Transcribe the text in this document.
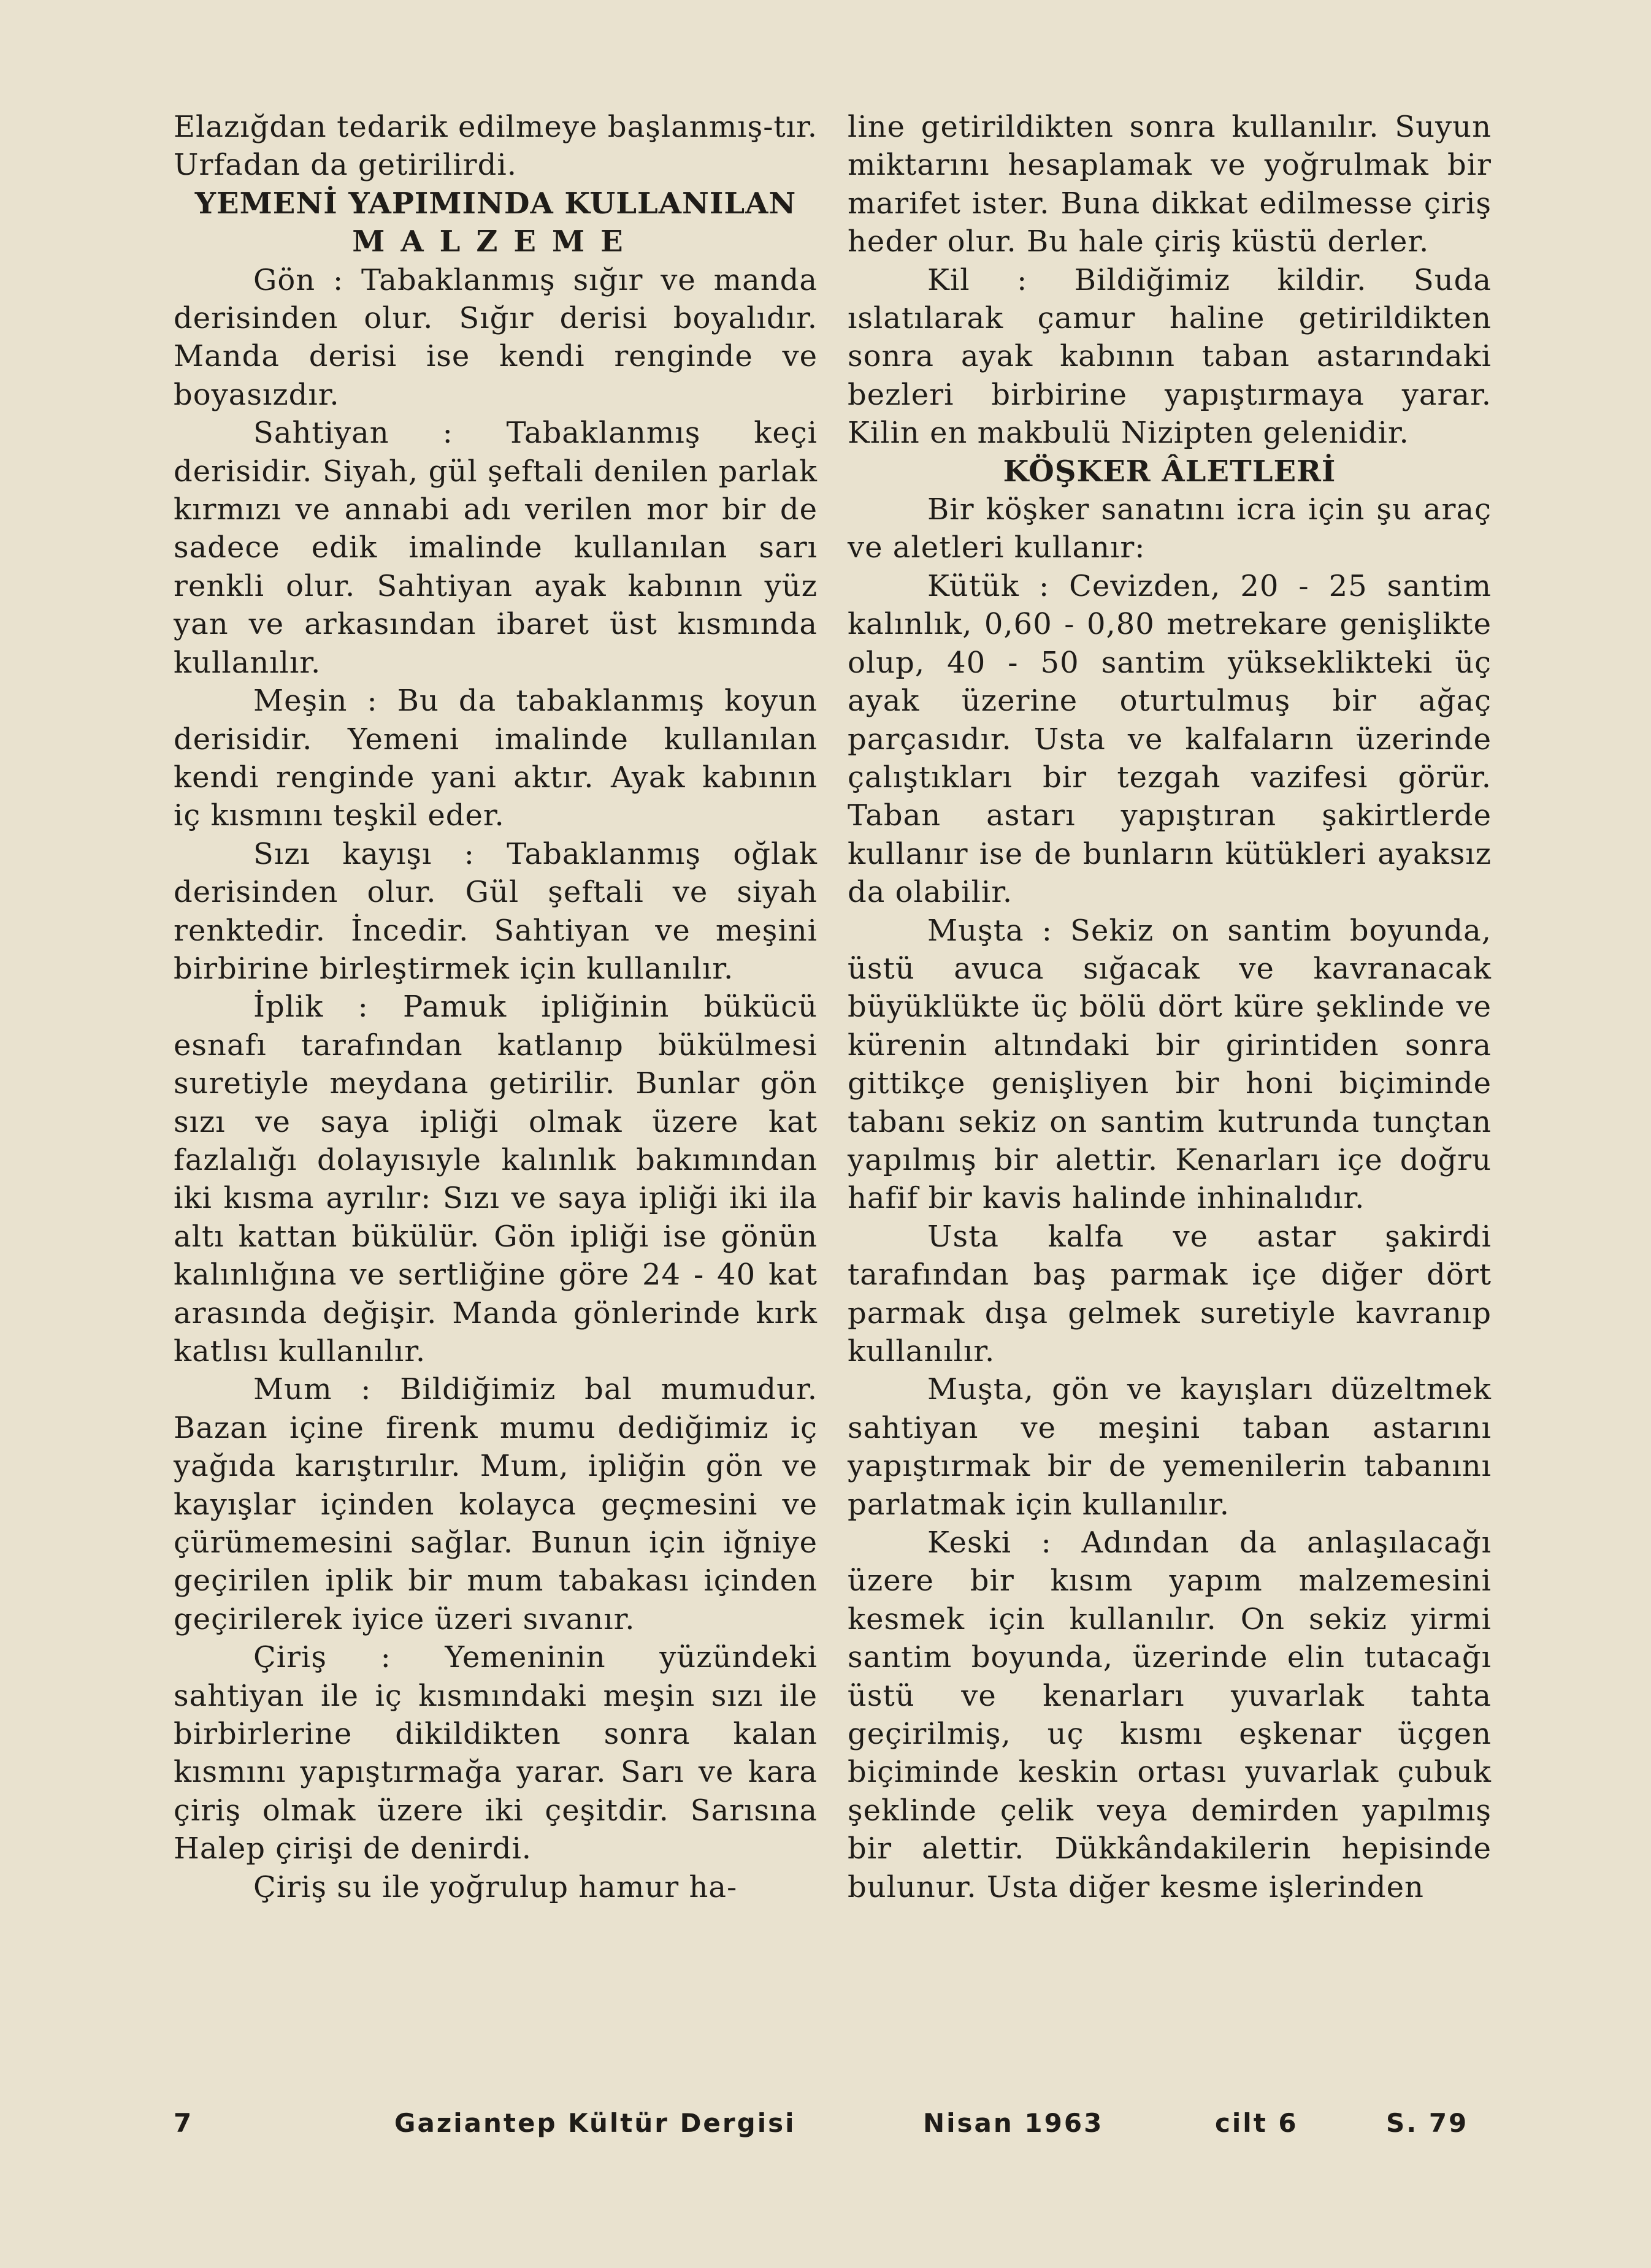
Elazığdan tedarik edilmeye başlanmış-tır. Urfadan da getirilirdi.

YEMENİ YAPIMINDA KULLANILAN
MALZEME

Gön : Tabaklanmış sığır ve manda derisinden olur. Sığır derisi boyalıdır. Manda derisi ise kendi renginde ve boyasızdır.

Sahtiyan : Tabaklanmış keçi derisidir. Siyah, gül şeftali denilen parlak kırmızı ve annabi adı verilen mor bir de sadece edik imalinde kullanılan sarı renkli olur. Sahtiyan ayak kabının yüz yan ve arkasından ibaret üst kısmında kullanılır.

Meşin : Bu da tabaklanmış koyun derisidir. Yemeni imalinde kullanılan kendi renginde yani aktır. Ayak kabının iç kısmını teşkil eder.

Sızı kayışı : Tabaklanmış oğlak derisinden olur. Gül şeftali ve siyah renktedir. İncedir. Sahtiyan ve meşini birbirine birleştirmek için kullanılır.

İplik : Pamuk ipliğinin bükücü esnafı tarafından katlanıp bükülmesi suretiyle meydana getirilir. Bunlar gön sızı ve saya ipliği olmak üzere kat fazlalığı dolayısıyle kalınlık bakımından iki kısma ayrılır: Sızı ve saya ipliği iki ila altı kattan bükülür. Gön ipliği ise gönün kalınlığına ve sertliğine göre 24 - 40 kat arasında değişir. Manda gönlerinde kırk katlısı kullanılır.

Mum : Bildiğimiz bal mumudur. Bazan içine firenk mumu dediğimiz iç yağıda karıştırılır. Mum, ipliğin gön ve kayışlar içinden kolayca geçmesini ve çürümemesini sağlar. Bunun için iğniye geçirilen iplik bir mum tabakası içinden geçirilerek iyice üzeri sıvanır.

Çiriş : Yemeninin yüzündeki sahtiyan ile iç kısmındaki meşin sızı ile birbirlerine dikildikten sonra kalan kısmını yapıştırmağa yarar. Sarı ve kara çiriş olmak üzere iki çeşitdir. Sarısına Halep çirişi de denirdi.

Çiriş su ile yoğrulup hamur ha-

line getirildikten sonra kullanılır. Suyun miktarını hesaplamak ve yoğrulmak bir marifet ister. Buna dikkat edilmesse çiriş heder olur. Bu hale çiriş küstü derler.

Kil : Bildiğimiz kildir. Suda ıslatılarak çamur haline getirildikten sonra ayak kabının taban astarındaki bezleri birbirine yapıştırmaya yarar. Kilin en makbulü Nizipten gelenidir.

KÖŞKER ÂLETLERİ

Bir köşker sanatını icra için şu araç ve aletleri kullanır:

Kütük : Cevizden, 20 - 25 santim kalınlık, 0,60 - 0,80 metrekare genişlikte olup, 40 - 50 santim yükseklikteki üç ayak üzerine oturtulmuş bir ağaç parçasıdır. Usta ve kalfaların üzerinde çalıştıkları bir tezgah vazifesi görür. Taban astarı yapıştıran şakirtlerde kullanır ise de bunların kütükleri ayaksız da olabilir.

Muşta : Sekiz on santim boyunda, üstü avuca sığacak ve kavranacak büyüklükte üç bölü dört küre şeklinde ve kürenin altındaki bir girintiden sonra gittikçe genişliyen bir honi biçiminde tabanı sekiz on santim kutrunda tunçtan yapılmış bir alettir. Kenarları içe doğru hafif bir kavis halinde inhinalıdır.

Usta kalfa ve astar şakirdi tarafından baş parmak içe diğer dört parmak dışa gelmek suretiyle kavranıp kullanılır.

Muşta, gön ve kayışları düzeltmek sahtiyan ve meşini taban astarını yapıştırmak bir de yemenilerin tabanını parlatmak için kullanılır.

Keski : Adından da anlaşılacağı üzere bir kısım yapım malzemesini kesmek için kullanılır. On sekiz yirmi santim boyunda, üzerinde elin tutacağı üstü ve kenarları yuvarlak tahta geçirilmiş, uç kısmı eşkenar üçgen biçiminde keskin ortası yuvarlak çubuk şeklinde çelik veya demirden yapılmış bir alettir. Dükkândakilerin hepisinde bulunur. Usta diğer kesme işlerinden

7	Gaziantep Kültür Dergisi	Nisan 1963	cilt 6	S. 79
